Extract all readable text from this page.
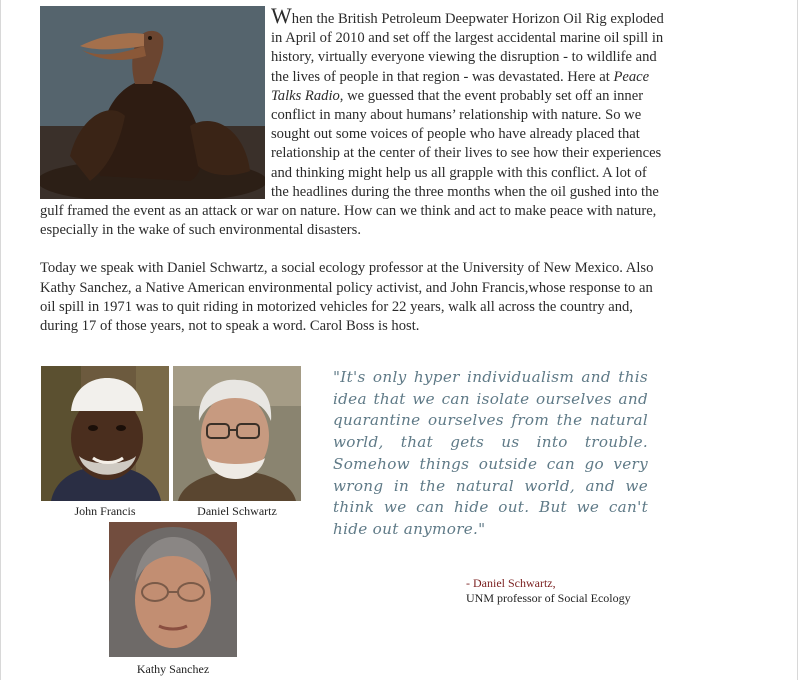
When the British Petroleum Deepwater Horizon Oil Rig exploded in April of 2010 and set off the largest accidental marine oil spill in history, virtually everyone viewing the disruption - to wildlife and the lives of people in that region - was devastated. Here at Peace Talks Radio, we guessed that the event probably set off an inner conflict in many about humans’ relationship with nature. So we sought out some voices of people who have already placed that relationship at the center of their lives to see how their experiences and thinking might help us all grapple with this conflict. A lot of the headlines during the three months when the oil gushed into the gulf framed the event as an attack or war on nature. How can we think and act to make peace with nature, especially in the wake of such environmental disasters.

Today we speak with Daniel Schwartz, a social ecology professor at the University of New Mexico. Also Kathy Sanchez, a Native American environmental policy activist, and John Francis,whose response to an oil spill in 1971 was to quit riding in motorized vehicles for 22 years, walk all across the country and, during 17 of those years, not to speak a word. Carol Boss is host.

John Francis	Daniel Schwartz
Kathy Sanchez
"It's only hyper individualism and this idea that we can isolate ourselves and quarantine ourselves from the natural world, that gets us into trouble. Somehow things outside can go very wrong in the natural world, and we think we can hide out. But we can't hide out anymore."
- Daniel Schwartz,
UNM professor of Social Ecology
